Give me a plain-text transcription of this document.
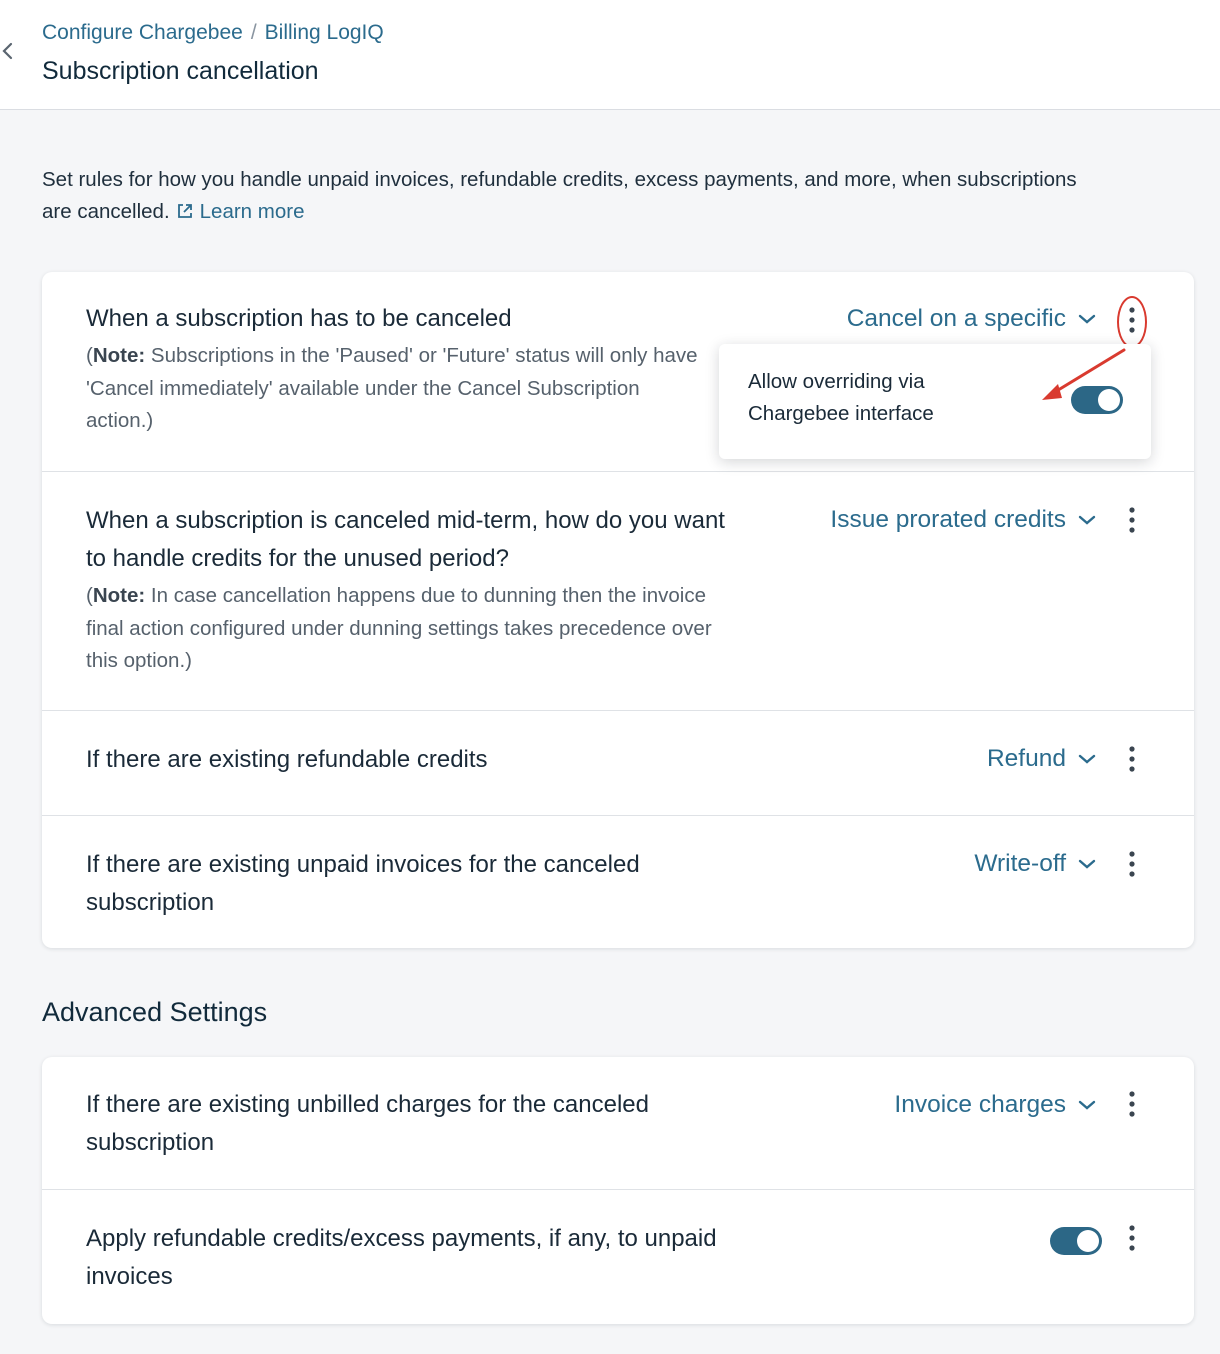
Configure Chargebee / Billing LogIQ
Subscription cancellation
Set rules for how you handle unpaid invoices, refundable credits, excess payments, and more, when subscriptions are cancelled. Learn more
When a subscription has to be canceled
(Note: Subscriptions in the 'Paused' or 'Future' status will only have 'Cancel immediately' available under the Cancel Subscription action.)
Cancel on a specific
When a subscription is canceled mid-term, how do you want to handle credits for the unused period?
(Note: In case cancellation happens due to dunning then the invoice final action configured under dunning settings takes precedence over this option.)
Issue prorated credits
If there are existing refundable credits	Refund
If there are existing unpaid invoices for the canceled subscription
Write-off
Allow overriding via Chargebee interface
Advanced Settings
If there are existing unbilled charges for the canceled subscription
Invoice charges
Apply refundable credits/excess payments, if any, to unpaid invoices
